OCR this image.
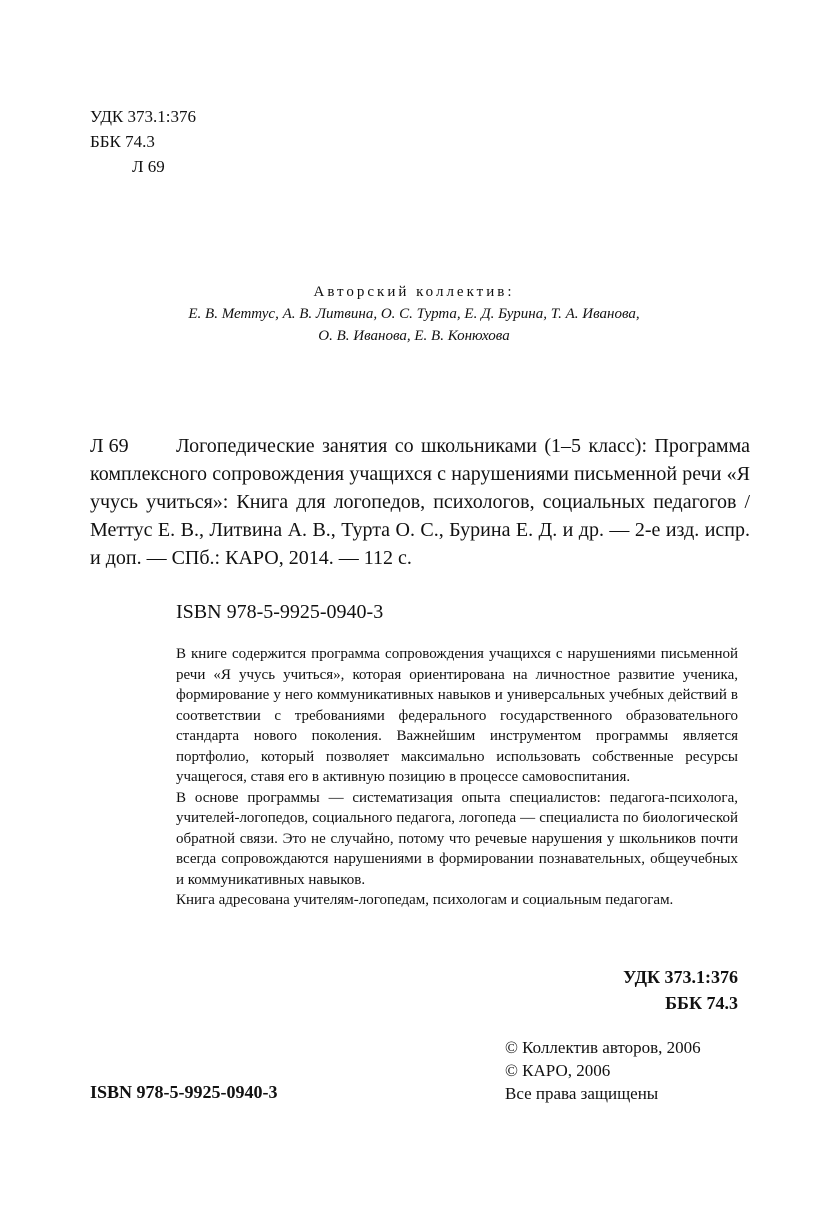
УДК 373.1:376
ББК 74.3
Л 69
Авторский коллектив:
Е. В. Меттус, А. В. Литвина, О. С. Турта, Е. Д. Бурина, Т. А. Иванова,
О. В. Иванова, Е. В. Конюхова
Л 69	Логопедические занятия со школьниками (1–5 класс): Программа комплексного сопровождения учащихся с нарушениями письменной речи «Я учусь учиться»: Книга для логопедов, психологов, социальных педагогов / Меттус Е. В., Литвина А. В., Турта О. С., Бурина Е. Д. и др. — 2-е изд. испр. и доп. — СПб.: КАРО, 2014. — 112 с.

ISBN 978-5-9925-0940-3

В книге содержится программа сопровождения учащихся с нарушениями письменной речи «Я учусь учиться», которая ориентирована на личностное развитие ученика, формирование у него коммуникативных навыков и универсальных учебных действий в соответствии с требованиями федерального государственного образовательного стандарта нового поколения. Важнейшим инструментом программы является портфолио, который позволяет максимально использовать собственные ресурсы учащегося, ставя его в активную позицию в процессе самовоспитания.

В основе программы — систематизация опыта специалистов: педагога-психолога, учителей-логопедов, социального педагога, логопеда — специалиста по биологической обратной связи. Это не случайно, потому что речевые нарушения у школьников почти всегда сопровождаются нарушениями в формировании познавательных, общеучебных и коммуникативных навыков.

Книга адресована учителям-логопедам, психологам и социальным педагогам.

УДК 373.1:376
ББК 74.3
ISBN 978-5-9925-0940-3
© Коллектив авторов, 2006
© КАРО, 2006
Все права защищены
